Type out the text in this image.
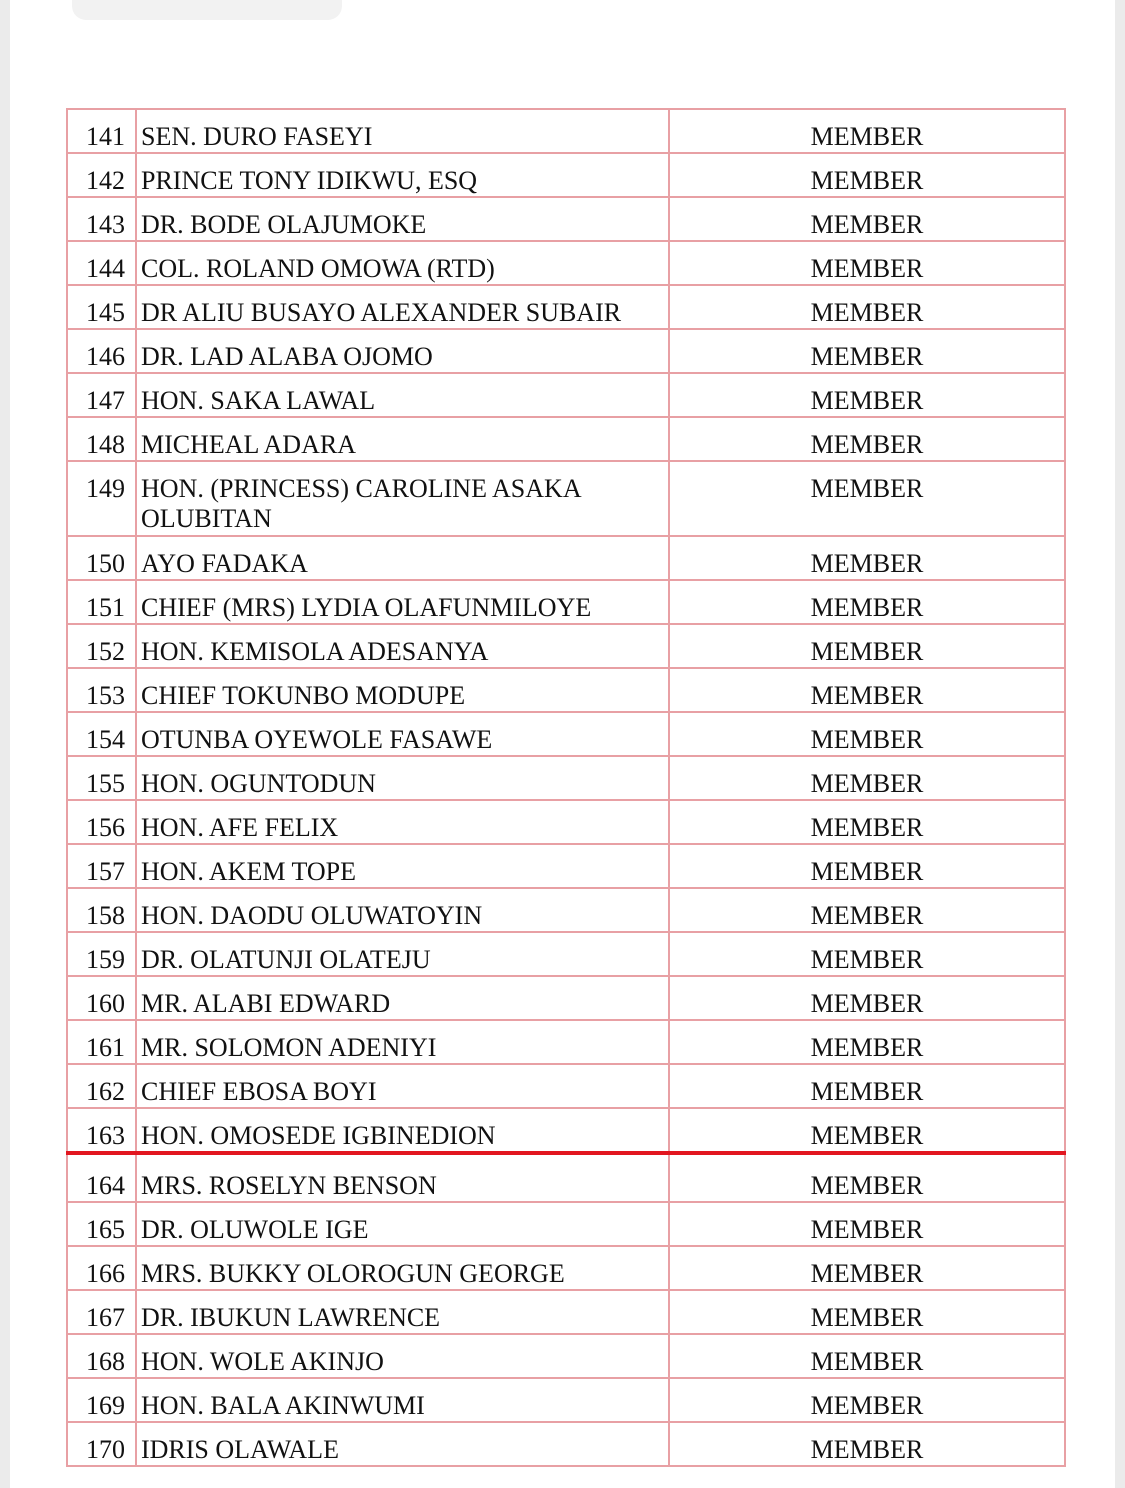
141	SEN. DURO FASEYI	MEMBER
142	PRINCE TONY IDIKWU, ESQ	MEMBER
143	DR. BODE OLAJUMOKE	MEMBER
144	COL. ROLAND OMOWA (RTD)	MEMBER
145	DR ALIU BUSAYO ALEXANDER SUBAIR	MEMBER
146	DR. LAD ALABA OJOMO	MEMBER
147	HON. SAKA LAWAL	MEMBER
148	MICHEAL ADARA	MEMBER
149	HON. (PRINCESS) CAROLINE ASAKA OLUBITAN	MEMBER
150	AYO FADAKA	MEMBER
151	CHIEF (MRS) LYDIA OLAFUNMILOYE	MEMBER
152	HON. KEMISOLA ADESANYA	MEMBER
153	CHIEF TOKUNBO MODUPE	MEMBER
154	OTUNBA OYEWOLE FASAWE	MEMBER
155	HON. OGUNTODUN	MEMBER
156	HON. AFE FELIX	MEMBER
157	HON. AKEM TOPE	MEMBER
158	HON. DAODU OLUWATOYIN	MEMBER
159	DR. OLATUNJI OLATEJU	MEMBER
160	MR. ALABI EDWARD	MEMBER
161	MR. SOLOMON ADENIYI	MEMBER
162	CHIEF EBOSA BOYI	MEMBER
163	HON. OMOSEDE IGBINEDION	MEMBER
164	MRS. ROSELYN BENSON	MEMBER
165	DR. OLUWOLE IGE	MEMBER
166	MRS. BUKKY OLOROGUN GEORGE	MEMBER
167	DR. IBUKUN LAWRENCE	MEMBER
168	HON. WOLE AKINJO	MEMBER
169	HON. BALA AKINWUMI	MEMBER
170	IDRIS OLAWALE	MEMBER
